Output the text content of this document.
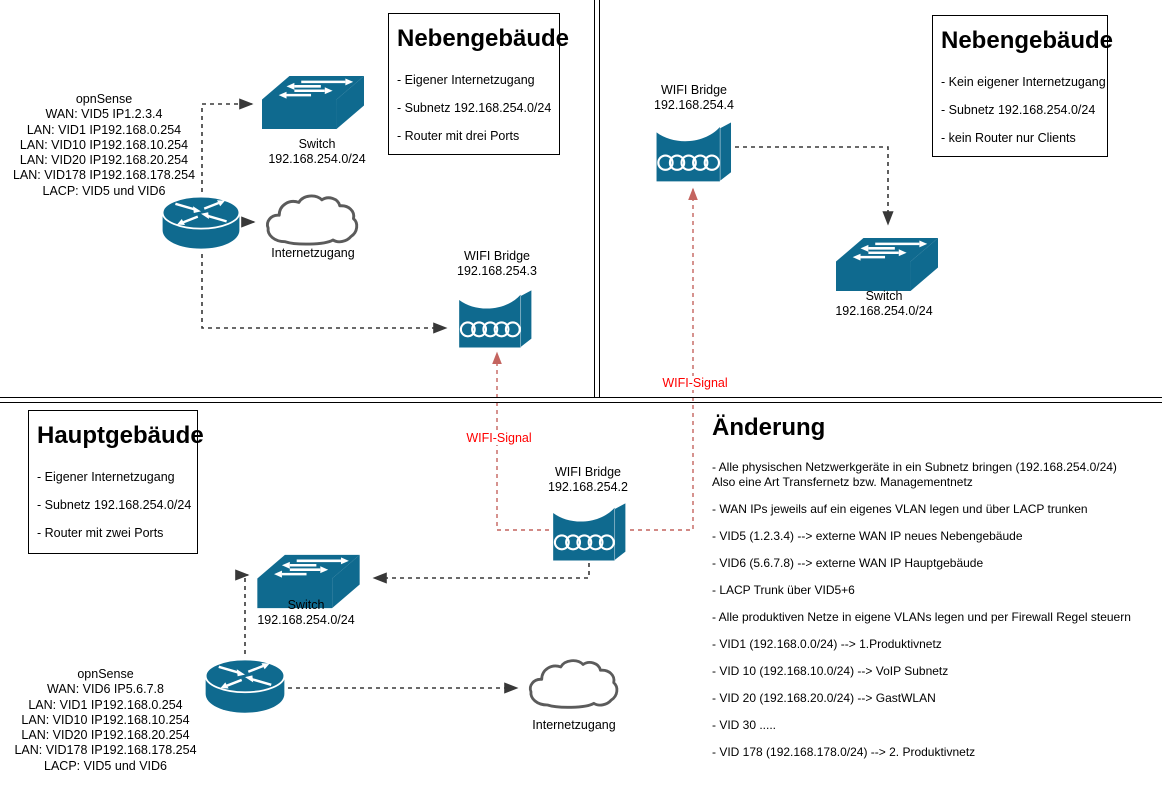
opnSense
WAN: VID5 IP1.2.3.4
LAN: VID1 IP192.168.0.254
LAN: VID10 IP192.168.10.254
LAN: VID20 IP192.168.20.254
LAN: VID178 IP192.168.178.254
LACP: VID5 und VID6
Switch
192.168.254.0/24
Nebengebäude
- Eigener Internetzugang
- Subnetz 192.168.254.0/24
- Router mit drei Ports
Internetzugang	WIFI Bridge
192.168.254.3
WIFI Bridge
192.168.254.4
Switch
192.168.254.0/24
Nebengebäude
- Kein eigener Internetzugang
- Subnetz 192.168.254.0/24
- kein Router nur Clients
Hauptgebäude
- Eigener Internetzugang
- Subnetz 192.168.254.0/24
- Router mit zwei Ports
WIFI Bridge
192.168.254.2
Switch
192.168.254.0/24
opnSense
WAN: VID6 IP5.6.7.8
LAN: VID1 IP192.168.0.254
LAN: VID10 IP192.168.10.254
LAN: VID20 IP192.168.20.254
LAN: VID178 IP192.168.178.254
LACP: VID5 und VID6
Internetzugang
WIFI-Signal
WIFI-Signal
Änderung

- Alle physischen Netzwerkgeräte in ein Subnetz bringen (192.168.254.0/24)

Also eine Art Transfernetz bzw. Managementnetz

- WAN IPs jeweils auf ein eigenes VLAN legen und über LACP trunken

- VID5 (1.2.3.4) --> externe WAN IP neues Nebengebäude

- VID6 (5.6.7.8) --> externe WAN IP Hauptgebäude

- LACP Trunk über VID5+6

- Alle produktiven Netze in eigene VLANs legen und per Firewall Regel steuern

- VID1 (192.168.0.0/24) --> 1.Produktivnetz

- VID 10 (192.168.10.0/24) --> VoIP Subnetz

- VID 20 (192.168.20.0/24) --> GastWLAN

- VID 30 .....

- VID 178 (192.168.178.0/24) --> 2. Produktivnetz
